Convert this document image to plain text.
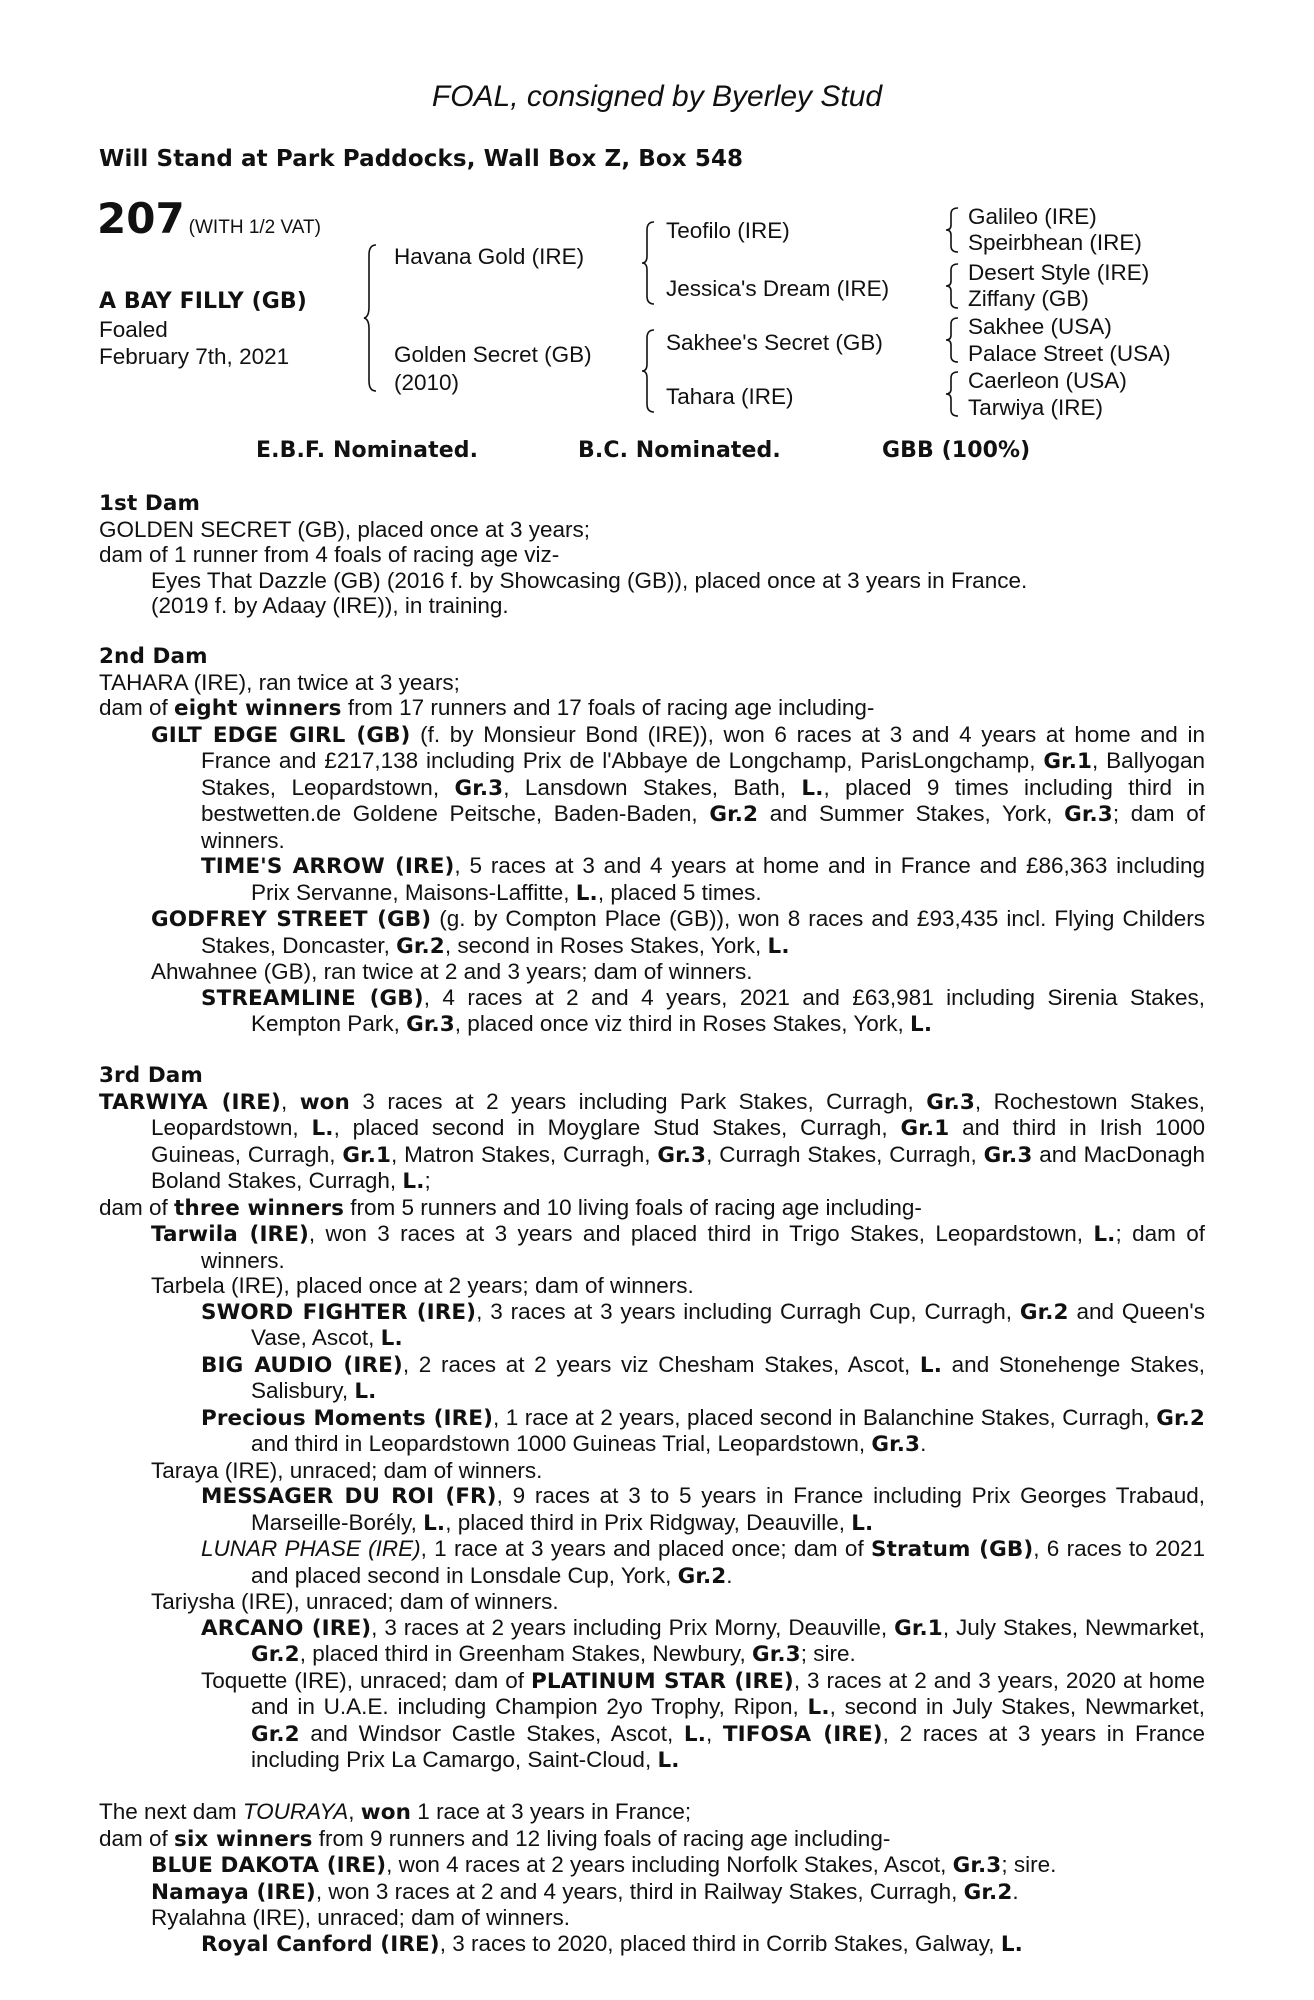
FOAL, consigned by Byerley Stud
Will Stand at Park Paddocks, Wall Box Z, Box 548
207 (WITH 1/2 VAT)
A BAY FILLY (GB)
Foaled
February 7th, 2021
Havana Gold (IRE)
Golden Secret (GB)
(2010)
Teofilo (IRE)
Jessica's Dream (IRE)
Sakhee's Secret (GB)
Tahara (IRE)
Galileo (IRE)
Speirbhean (IRE)
Desert Style (IRE)
Ziffany (GB)
Sakhee (USA)
Palace Street (USA)
Caerleon (USA)
Tarwiya (IRE)
E.B.F. Nominated.	B.C. Nominated.	GBB (100%)

1st Dam

GOLDEN SECRET (GB), placed once at 3 years;

dam of 1 runner from 4 foals of racing age viz-

Eyes That Dazzle (GB) (2016 f. by Showcasing (GB)), placed once at 3 years in France.

(2019 f. by Adaay (IRE)), in training.

2nd Dam

TAHARA (IRE), ran twice at 3 years;

dam of eight winners from 17 runners and 17 foals of racing age including-

GILT EDGE GIRL (GB) (f. by Monsieur Bond (IRE)), won 6 races at 3 and 4 years at home and in France and £217,138 including Prix de l'Abbaye de Longchamp, ParisLongchamp, Gr.1, Ballyogan Stakes, Leopardstown, Gr.3, Lansdown Stakes, Bath, L., placed 9 times including third in bestwetten.de Goldene Peitsche, Baden-Baden, Gr.2 and Summer Stakes, York, Gr.3; dam of winners.

TIME'S ARROW (IRE), 5 races at 3 and 4 years at home and in France and £86,363 including Prix Servanne, Maisons-Laffitte, L., placed 5 times.

GODFREY STREET (GB) (g. by Compton Place (GB)), won 8 races and £93,435 incl. Flying Childers Stakes, Doncaster, Gr.2, second in Roses Stakes, York, L.

Ahwahnee (GB), ran twice at 2 and 3 years; dam of winners.

STREAMLINE (GB), 4 races at 2 and 4 years, 2021 and £63,981 including Sirenia Stakes, Kempton Park, Gr.3, placed once viz third in Roses Stakes, York, L.

3rd Dam

TARWIYA (IRE), won 3 races at 2 years including Park Stakes, Curragh, Gr.3, Rochestown Stakes, Leopardstown, L., placed second in Moyglare Stud Stakes, Curragh, Gr.1 and third in Irish 1000 Guineas, Curragh, Gr.1, Matron Stakes, Curragh, Gr.3, Curragh Stakes, Curragh, Gr.3 and MacDonagh Boland Stakes, Curragh, L.;

dam of three winners from 5 runners and 10 living foals of racing age including-

Tarwila (IRE), won 3 races at 3 years and placed third in Trigo Stakes, Leopardstown, L.; dam of winners.

Tarbela (IRE), placed once at 2 years; dam of winners.

SWORD FIGHTER (IRE), 3 races at 3 years including Curragh Cup, Curragh, Gr.2 and Queen's Vase, Ascot, L.

BIG AUDIO (IRE), 2 races at 2 years viz Chesham Stakes, Ascot, L. and Stonehenge Stakes, Salisbury, L.

Precious Moments (IRE), 1 race at 2 years, placed second in Balanchine Stakes, Curragh, Gr.2 and third in Leopardstown 1000 Guineas Trial, Leopardstown, Gr.3.

Taraya (IRE), unraced; dam of winners.

MESSAGER DU ROI (FR), 9 races at 3 to 5 years in France including Prix Georges Trabaud, Marseille-Borély, L., placed third in Prix Ridgway, Deauville, L.

LUNAR PHASE (IRE), 1 race at 3 years and placed once; dam of Stratum (GB), 6 races to 2021 and placed second in Lonsdale Cup, York, Gr.2.

Tariysha (IRE), unraced; dam of winners.

ARCANO (IRE), 3 races at 2 years including Prix Morny, Deauville, Gr.1, July Stakes, Newmarket, Gr.2, placed third in Greenham Stakes, Newbury, Gr.3; sire.

Toquette (IRE), unraced; dam of PLATINUM STAR (IRE), 3 races at 2 and 3 years, 2020 at home and in U.A.E. including Champion 2yo Trophy, Ripon, L., second in July Stakes, Newmarket, Gr.2 and Windsor Castle Stakes, Ascot, L., TIFOSA (IRE), 2 races at 3 years in France including Prix La Camargo, Saint-Cloud, L.

The next dam TOURAYA, won 1 race at 3 years in France;

dam of six winners from 9 runners and 12 living foals of racing age including-

BLUE DAKOTA (IRE), won 4 races at 2 years including Norfolk Stakes, Ascot, Gr.3; sire.

Namaya (IRE), won 3 races at 2 and 4 years, third in Railway Stakes, Curragh, Gr.2.

Ryalahna (IRE), unraced; dam of winners.

Royal Canford (IRE), 3 races to 2020, placed third in Corrib Stakes, Galway, L.
